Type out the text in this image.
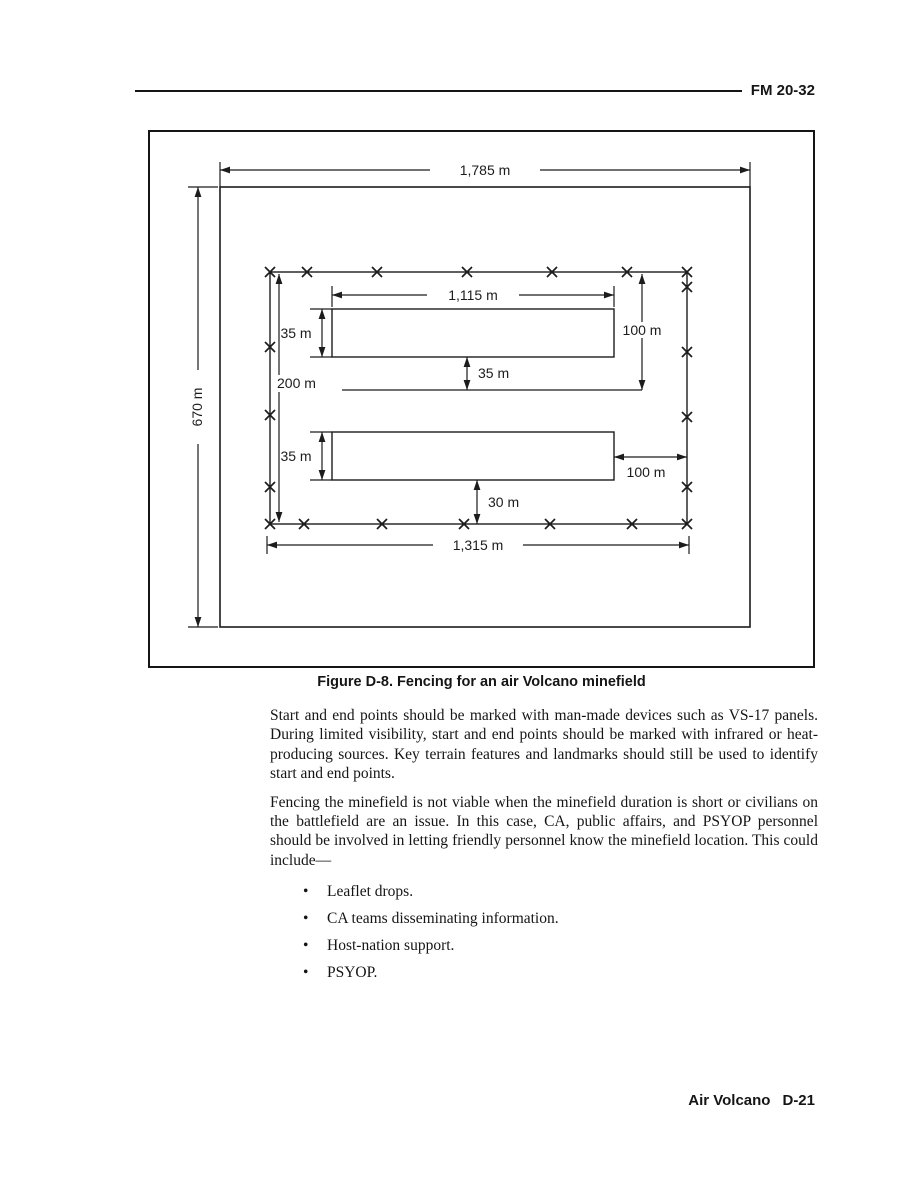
FM 20-32
1,785 m
670 m
200 m
1,115 m
35 m	100 m
35 m
35 m
100 m
30 m
1,315 m
Figure D-8. Fencing for an air Volcano minefield

Start and end points should be marked with man-made devices such as VS-17 panels. During limited visibility, start and end points should be marked with infrared or heat-producing sources. Key terrain features and landmarks should still be used to identify start and end points.

Fencing the minefield is not viable when the minefield duration is short or civilians on the battlefield are an issue. In this case, CA, public affairs, and PSYOP personnel should be involved in letting friendly personnel know the minefield location. This could include—

• Leaflet drops.
• CA teams disseminating information.
• Host-nation support.
• PSYOP.
Air Volcano D-21
